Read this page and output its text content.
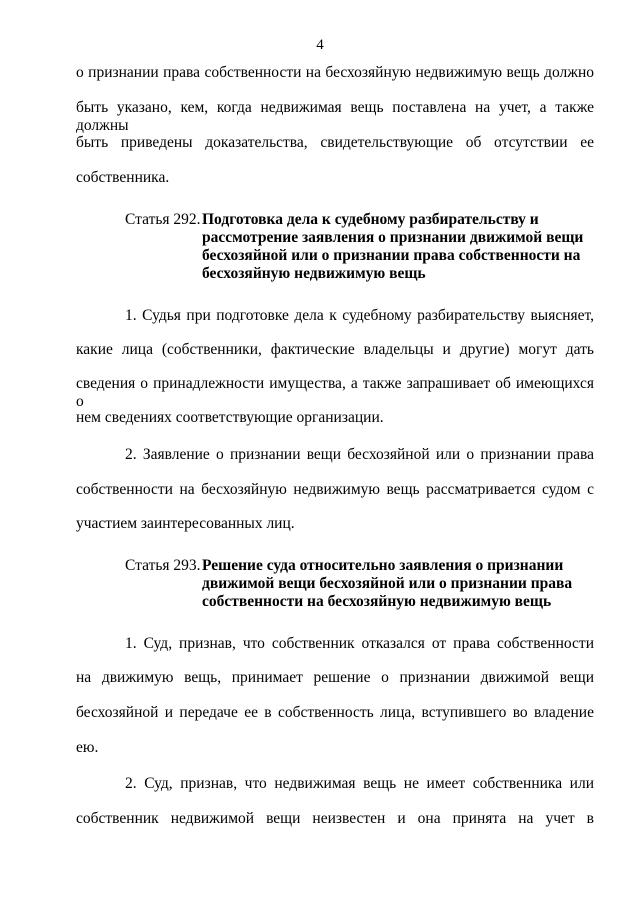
4
о признании права собственности на бесхозяйную недвижимую вещь должно
быть указано, кем, когда недвижимая вещь поставлена на учет, а также должны
быть приведены доказательства, свидетельствующие об отсутствии ее
собственника.
Статья 292. Подготовка дела к судебному разбирательству и
рассмотрение заявления о признании движимой вещи
бесхозяйной или о признании права собственности на
бесхозяйную недвижимую вещь
1. Судья при подготовке дела к судебному разбирательству выясняет,
какие лица (собственники, фактические владельцы и другие) могут дать
сведения о принадлежности имущества, а также запрашивает об имеющихся о
нем сведениях соответствующие организации.
2. Заявление о признании вещи бесхозяйной или о признании права
собственности на бесхозяйную недвижимую вещь рассматривается судом с
участием заинтересованных лиц.
Статья 293. Решение суда относительно заявления о признании
движимой вещи бесхозяйной или о признании права
собственности на бесхозяйную недвижимую вещь
1. Суд, признав, что собственник отказался от права собственности
на движимую вещь, принимает решение о признании движимой вещи
бесхозяйной и передаче ее в собственность лица, вступившего во владение
ею.
2. Суд, признав, что недвижимая вещь не имеет собственника или
собственник недвижимой вещи неизвестен и она принята на учет в
